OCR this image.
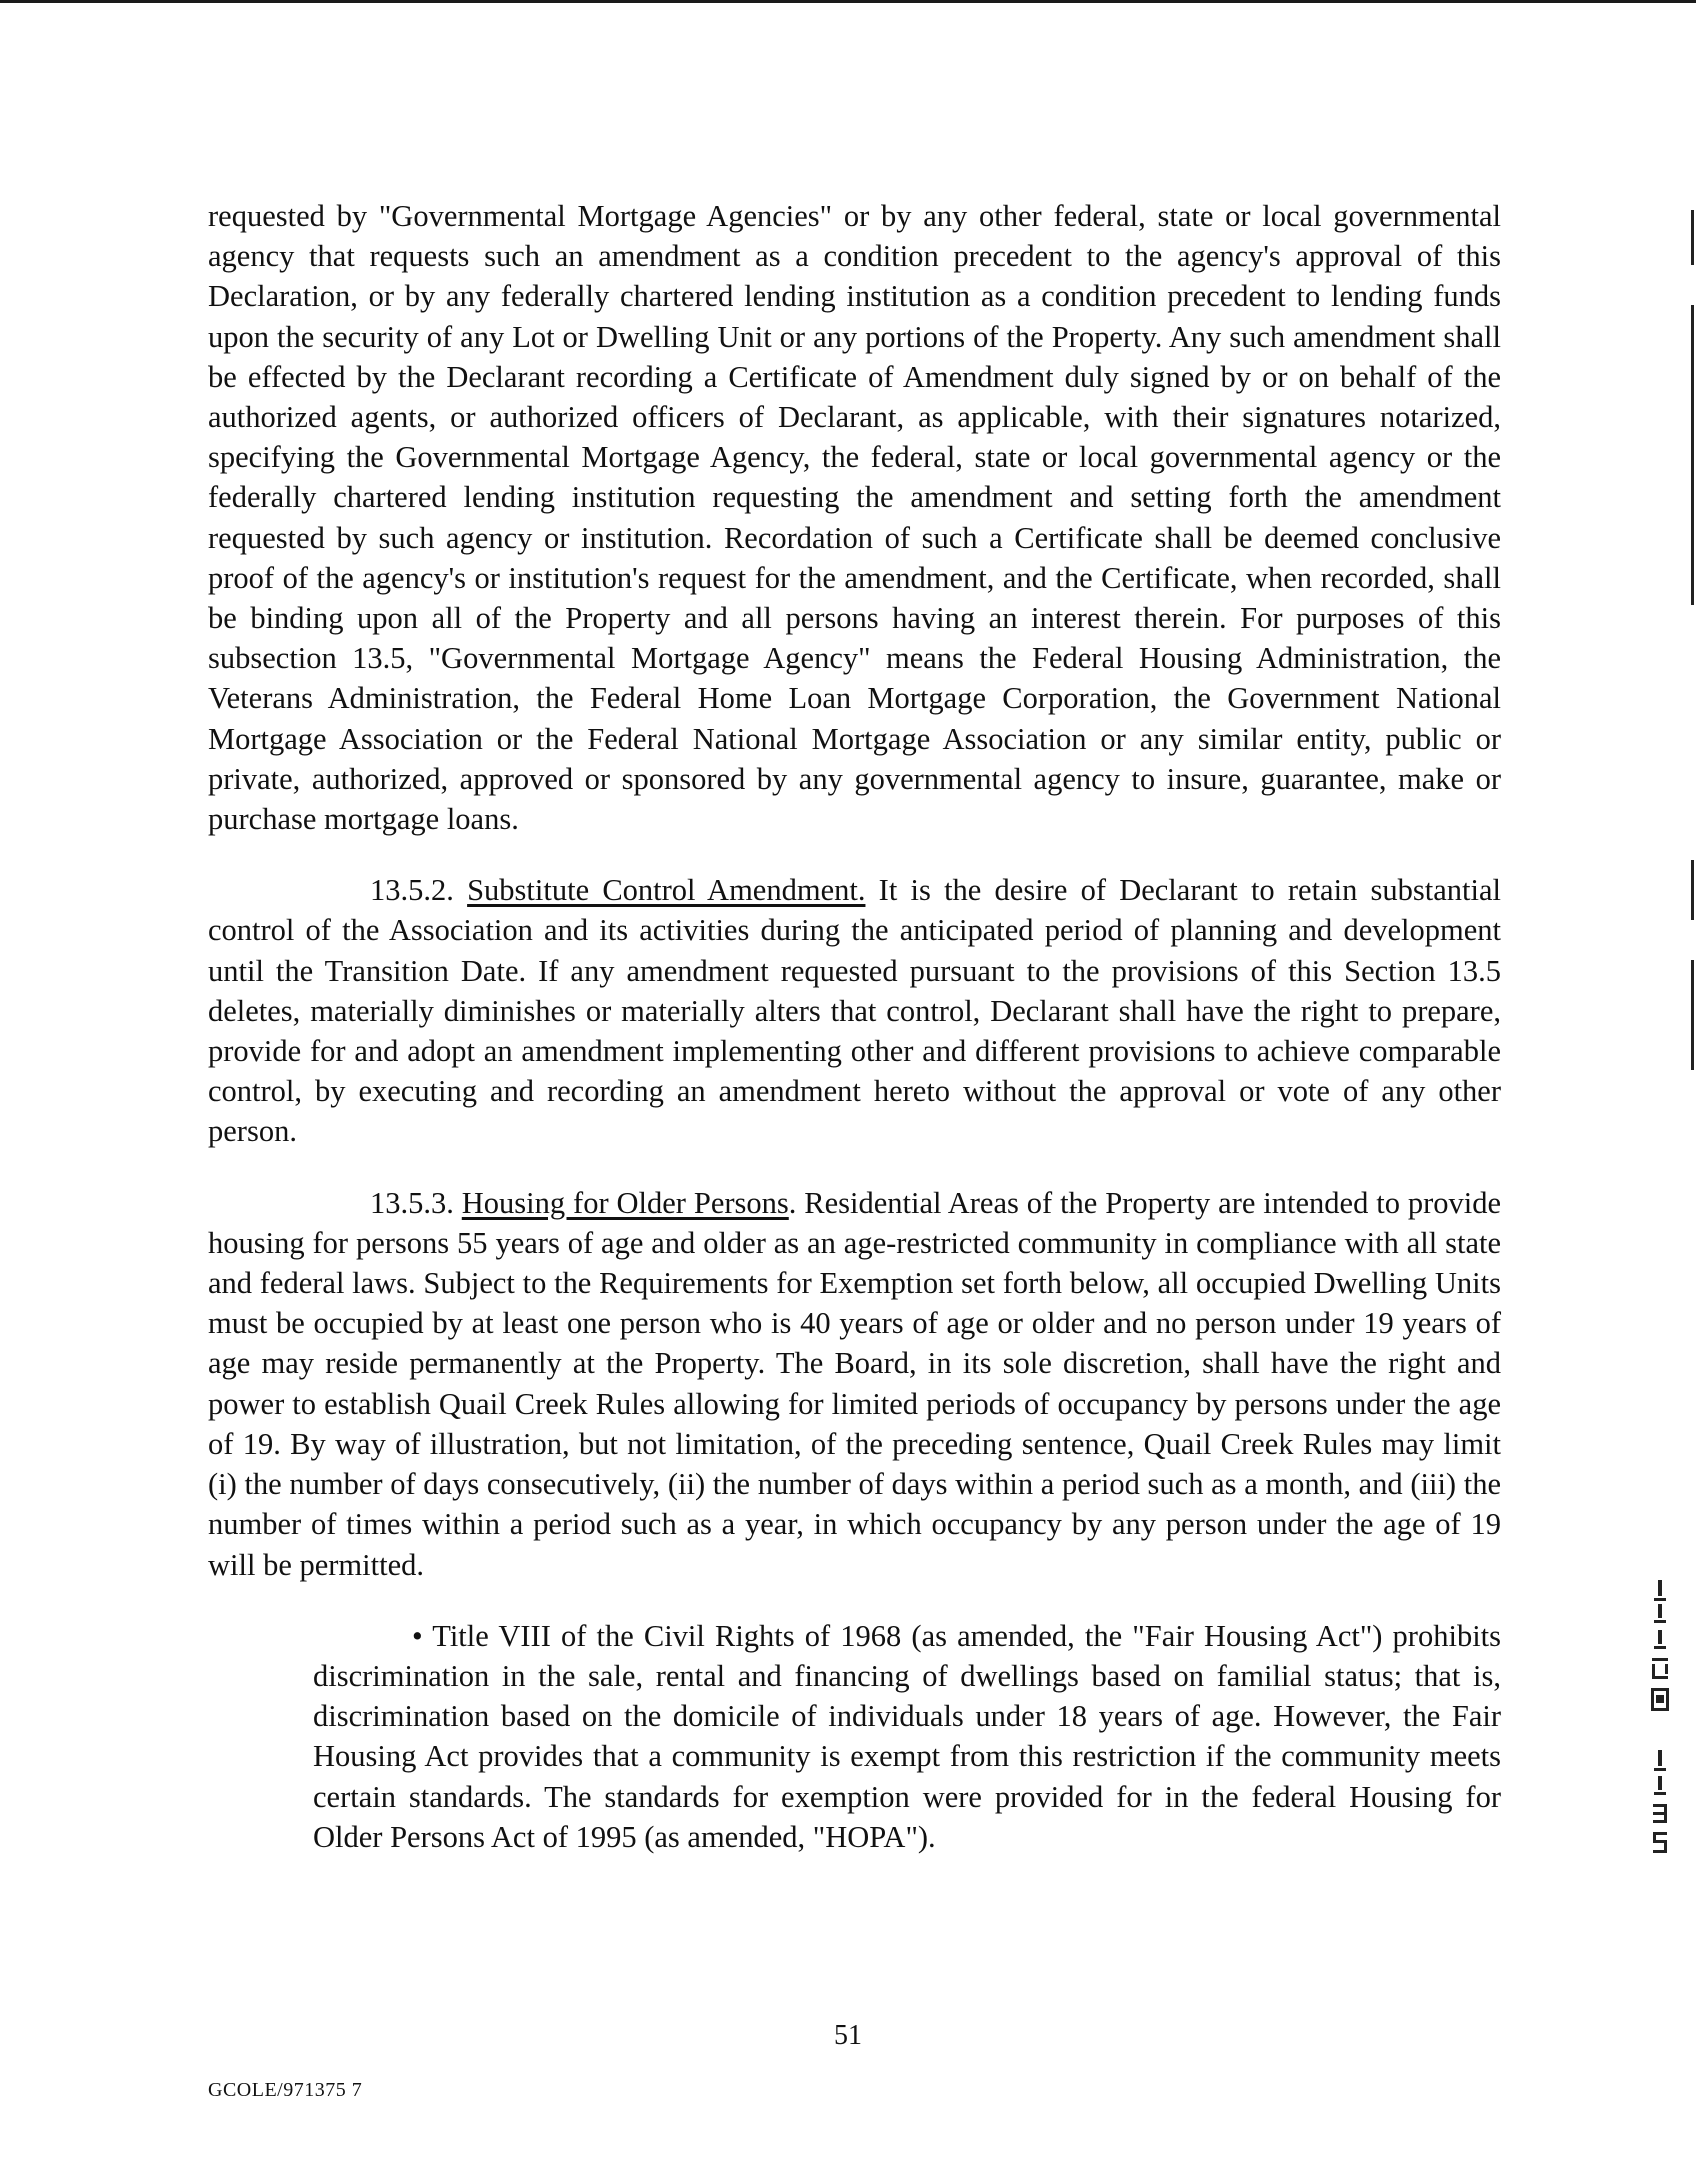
requested by "Governmental Mortgage Agencies" or by any other federal, state or local governmental agency that requests such an amendment as a condition precedent to the agency's approval of this Declaration, or by any federally chartered lending institution as a condition precedent to lending funds upon the security of any Lot or Dwelling Unit or any portions of the Property. Any such amendment shall be effected by the Declarant recording a Certificate of Amendment duly signed by or on behalf of the authorized agents, or authorized officers of Declarant, as applicable, with their signatures notarized, specifying the Governmental Mortgage Agency, the federal, state or local governmental agency or the federally chartered lending institution requesting the amendment and setting forth the amendment requested by such agency or institution. Recordation of such a Certificate shall be deemed conclusive proof of the agency's or institution's request for the amendment, and the Certificate, when recorded, shall be binding upon all of the Property and all persons having an interest therein. For purposes of this subsection 13.5, "Governmental Mortgage Agency" means the Federal Housing Administration, the Veterans Administration, the Federal Home Loan Mortgage Corporation, the Government National Mortgage Association or the Federal National Mortgage Association or any similar entity, public or private, authorized, approved or sponsored by any governmental agency to insure, guarantee, make or purchase mortgage loans.

13.5.2. Substitute Control Amendment. It is the desire of Declarant to retain substantial control of the Association and its activities during the anticipated period of planning and development until the Transition Date. If any amendment requested pursuant to the provisions of this Section 13.5 deletes, materially diminishes or materially alters that control, Declarant shall have the right to prepare, provide for and adopt an amendment implementing other and different provisions to achieve comparable control, by executing and recording an amendment hereto without the approval or vote of any other person.

13.5.3. Housing for Older Persons. Residential Areas of the Property are intended to provide housing for persons 55 years of age and older as an age-restricted community in compliance with all state and federal laws. Subject to the Requirements for Exemption set forth below, all occupied Dwelling Units must be occupied by at least one person who is 40 years of age or older and no person under 19 years of age may reside permanently at the Property. The Board, in its sole discretion, shall have the right and power to establish Quail Creek Rules allowing for limited periods of occupancy by persons under the age of 19. By way of illustration, but not limitation, of the preceding sentence, Quail Creek Rules may limit (i) the number of days consecutively, (ii) the number of days within a period such as a month, and (iii) the number of times within a period such as a year, in which occupancy by any person under the age of 19 will be permitted.

• Title VIII of the Civil Rights of 1968 (as amended, the "Fair Housing Act") prohibits discrimination in the sale, rental and financing of dwellings based on familial status; that is, discrimination based on the domicile of individuals under 18 years of age. However, the Fair Housing Act provides that a community is exempt from this restriction if the community meets certain standards. The standards for exemption were provided for in the federal Housing for Older Persons Act of 1995 (as amended, "HOPA").

51
GCOLE/971375 7
